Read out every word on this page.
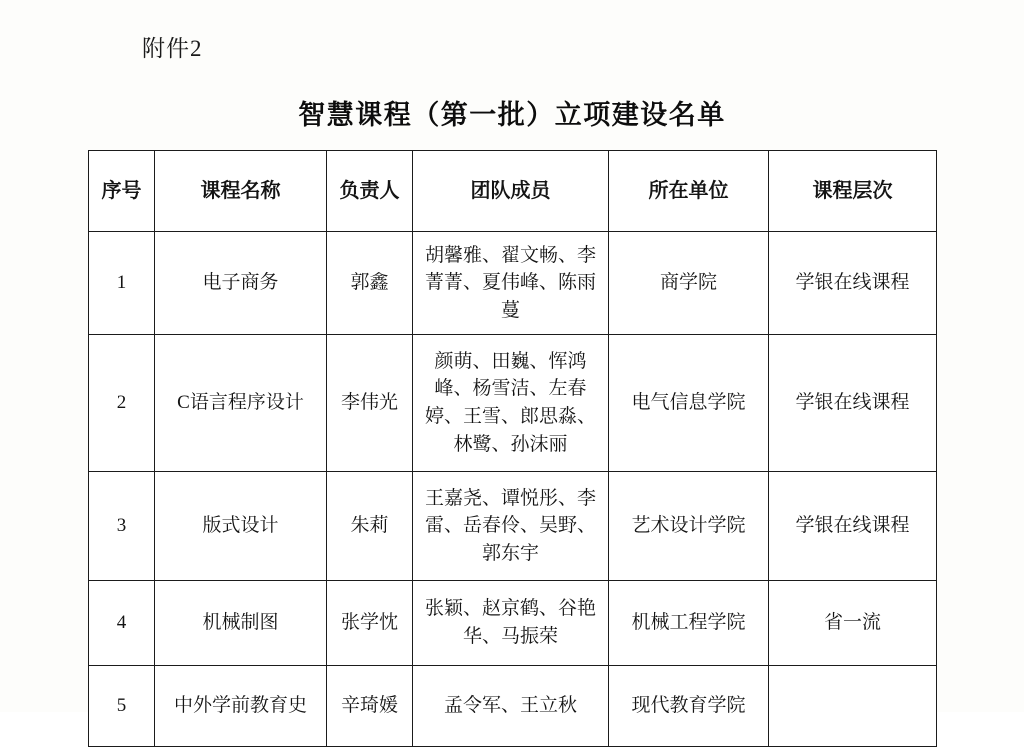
附件2
智慧课程（第一批）立项建设名单
序号	课程名称	负责人	团队成员	所在单位	课程层次
1	电子商务	郭鑫	胡馨雅、翟文畅、李菁菁、夏伟峰、陈雨蔓	商学院	学银在线课程
2	C语言程序设计	李伟光	颜萌、田巍、恽鸿峰、杨雪洁、左春婷、王雪、郎思淼、林鹭、孙沫丽	电气信息学院	学银在线课程
3	版式设计	朱莉	王嘉尧、谭悦彤、李雷、岳春伶、吴野、郭东宇	艺术设计学院	学银在线课程
4	机械制图	张学忱	张颖、赵京鹤、谷艳华、马振荣	机械工程学院	省一流
5	中外学前教育史	辛琦媛	孟令军、王立秋	现代教育学院	
